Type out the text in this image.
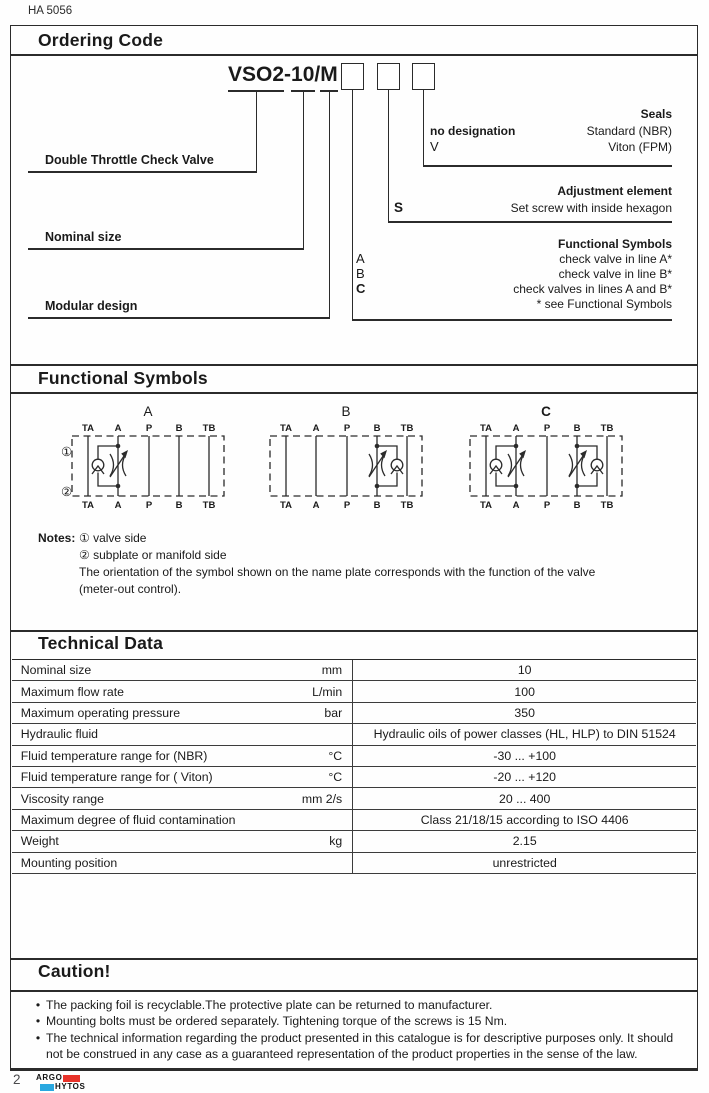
HA 5056
Ordering Code
Functional Symbols
Technical Data
Caution!
VSO2-10/M
Double Throttle Check Valve
Nominal size
Modular design
Seals
no designation	Standard (NBR)
V	Viton (FPM)
Adjustment element
S	Set screw with inside hexagon
Functional Symbols
A	check valve in line A*
B	check valve in line B*
C	check valves in lines A and B*
* see Functional Symbols
①
②
A
TA
TA
A
A
P
P
B
B
TB
TB
B
TA
TA
A
A
P
P
B
B
TB
TB
C
TA
TA
A
A
P
P
B
B
TB
TB
Notes: ① valve side
② subplate or manifold side
The orientation of the symbol shown on the name plate corresponds with the function of the valve
(meter-out control).
Nominal size	mm	10
Maximum flow rate	L/min	100
Maximum operating pressure	bar	350
Hydraulic fluid	Hydraulic oils of power classes (HL, HLP) to DIN 51524
Fluid temperature range for (NBR)	°C	-30 ... +100
Fluid temperature range for ( Viton)	°C	-20 ... +120
Viscosity range	mm 2/s	20 ... 400
Maximum degree of fluid contamination	Class 21/18/15 according to ISO 4406
Weight	kg	2.15
Mounting position	unrestricted
• The packing foil is recyclable.The protective plate can be returned to manufacturer.
• Mounting bolts must be ordered separately. Tightening torque of the screws is 15 Nm.
• The technical information regarding the product presented in this catalogue is for descriptive purposes only. It should not be construed in any case as a guaranteed representation of the product properties in the sense of the law.
2 ARGO
HYTOS
